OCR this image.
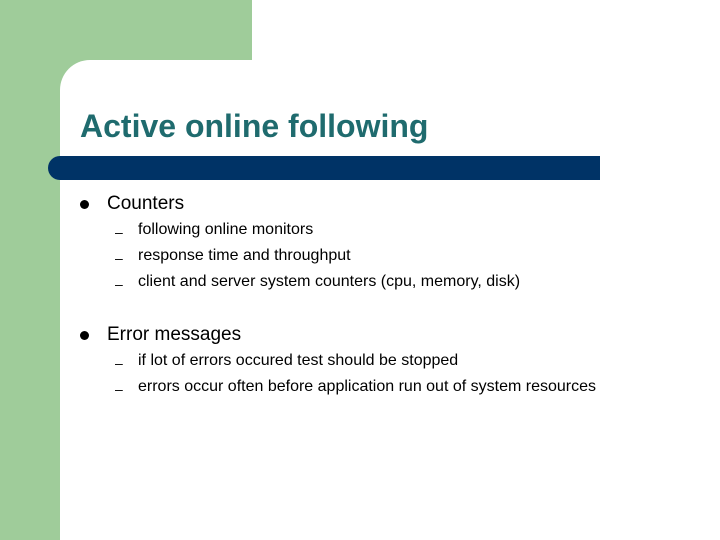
Active online following
Counters
– following online monitors
– response time and throughput
– client and server system counters (cpu, memory, disk)
Error messages
– if lot of errors occured test should be stopped
– errors occur often before application run out of system resources
